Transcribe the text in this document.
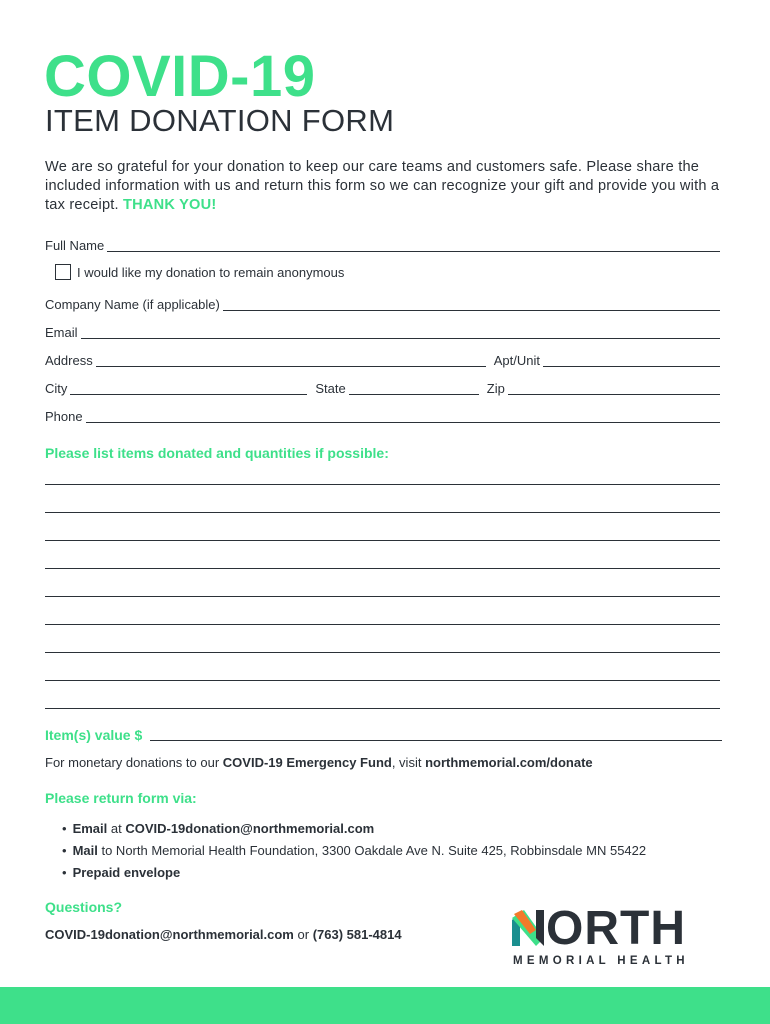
COVID-19
ITEM DONATION FORM
We are so grateful for your donation to keep our care teams and customers safe. Please share the included information with us and return this form so we can recognize your gift and provide you with a tax receipt. THANK YOU!
Full Name
I would like my donation to remain anonymous
Company Name (if applicable)
Email
Address	Apt/Unit
City	State	Zip
Phone
Please list items donated and quantities if possible:
Item(s) value $
For monetary donations to our COVID-19 Emergency Fund, visit northmemorial.com/donate
Please return form via:
• Email at COVID-19donation@northmemorial.com
• Mail to North Memorial Health Foundation, 3300 Oakdale Ave N. Suite 425, Robbinsdale MN 55422
• Prepaid envelope
Questions?
COVID-19donation@northmemorial.com or (763) 581-4814	ORTH
MEMORIAL HEALTH
